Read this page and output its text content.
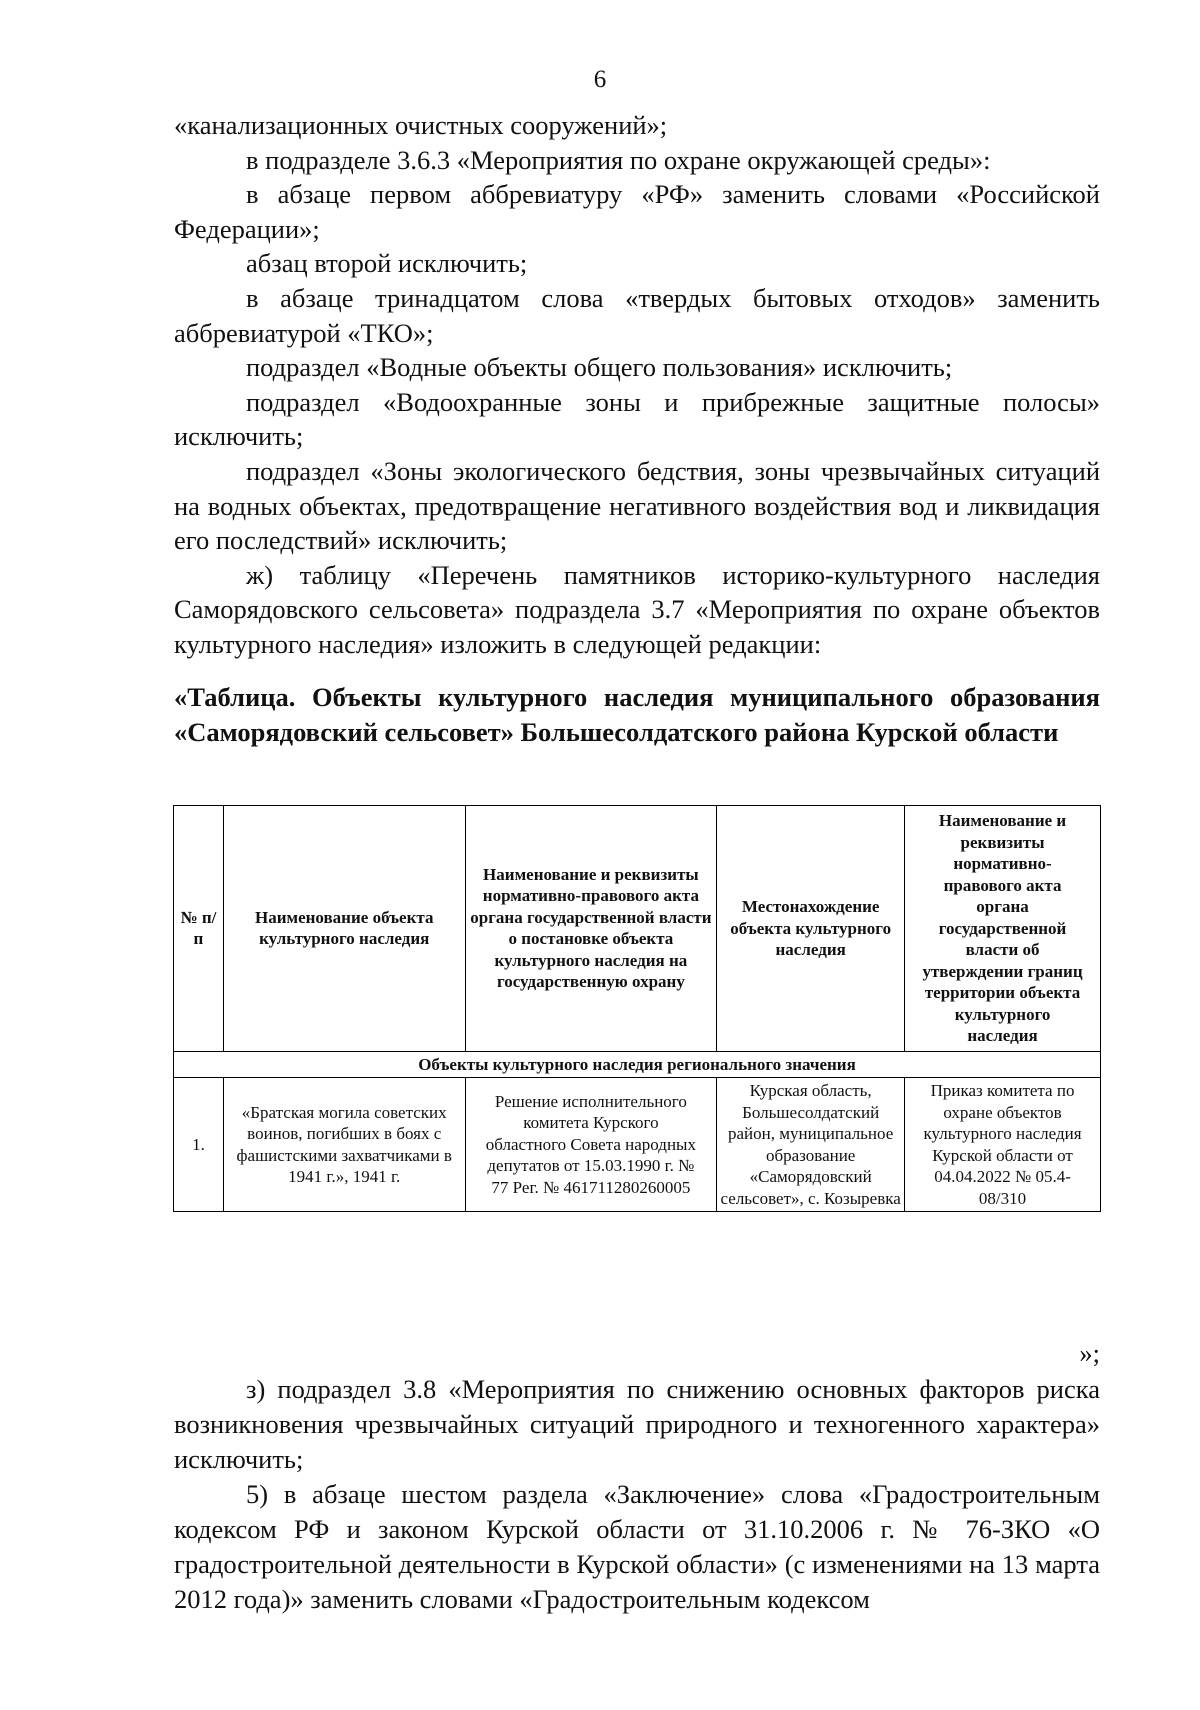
6

«канализационных очистных сооружений»;

в подразделе 3.6.3 «Мероприятия по охране окружающей среды»:

в абзаце первом аббревиатуру «РФ» заменить словами «Российской Федерации»;

абзац второй исключить;

в абзаце тринадцатом слова «твердых бытовых отходов» заменить аббревиатурой «ТКО»;

подраздел «Водные объекты общего пользования» исключить;

подраздел «Водоохранные зоны и прибрежные защитные полосы» исключить;

подраздел «Зоны экологического бедствия, зоны чрезвычайных ситуаций на водных объектах, предотвращение негативного воздействия вод и ликвидация его последствий» исключить;

ж) таблицу «Перечень памятников историко-культурного наследия Саморядовского сельсовета» подраздела 3.7 «Мероприятия по охране объектов культурного наследия» изложить в следующей редакции:

«Таблица. Объекты культурного наследия муниципального образования «Саморядовский сельсовет» Большесолдатского района Курской области

№ п/п	Наименование объекта культурного наследия	Наименование и реквизиты нормативно-правового акта органа государственной власти о постановке объекта культурного наследия на государственную охрану	Местонахождение объекта культурного наследия	Наименование и реквизиты нормативно-правового акта органа государственной власти об утверждении границ территории объекта культурного наследия
Объекты культурного наследия регионального значения				
1.	«Братская могила советских воинов, погибших в боях с фашистскими захватчиками в 1941 г.», 1941 г.	Решение исполнительного комитета Курского областного Совета народных депутатов от 15.03.1990 г. № 77 Рег. № 461711280260005	Курская область, Большесолдатский район, муниципальное образование «Саморядовский сельсовет», с. Козыревка	Приказ комитета по охране объектов культурного наследия Курской области от 04.04.2022 № 05.4-08/310
»;

з) подраздел 3.8 «Мероприятия по снижению основных факторов риска возникновения чрезвычайных ситуаций природного и техногенного характера» исключить;

5) в абзаце шестом раздела «Заключение» слова «Градостроительным кодексом РФ и законом Курской области от 31.10.2006 г. № 76-ЗКО «О градостроительной деятельности в Курской области» (с изменениями на 13 марта 2012 года)» заменить словами «Градостроительным кодексом
